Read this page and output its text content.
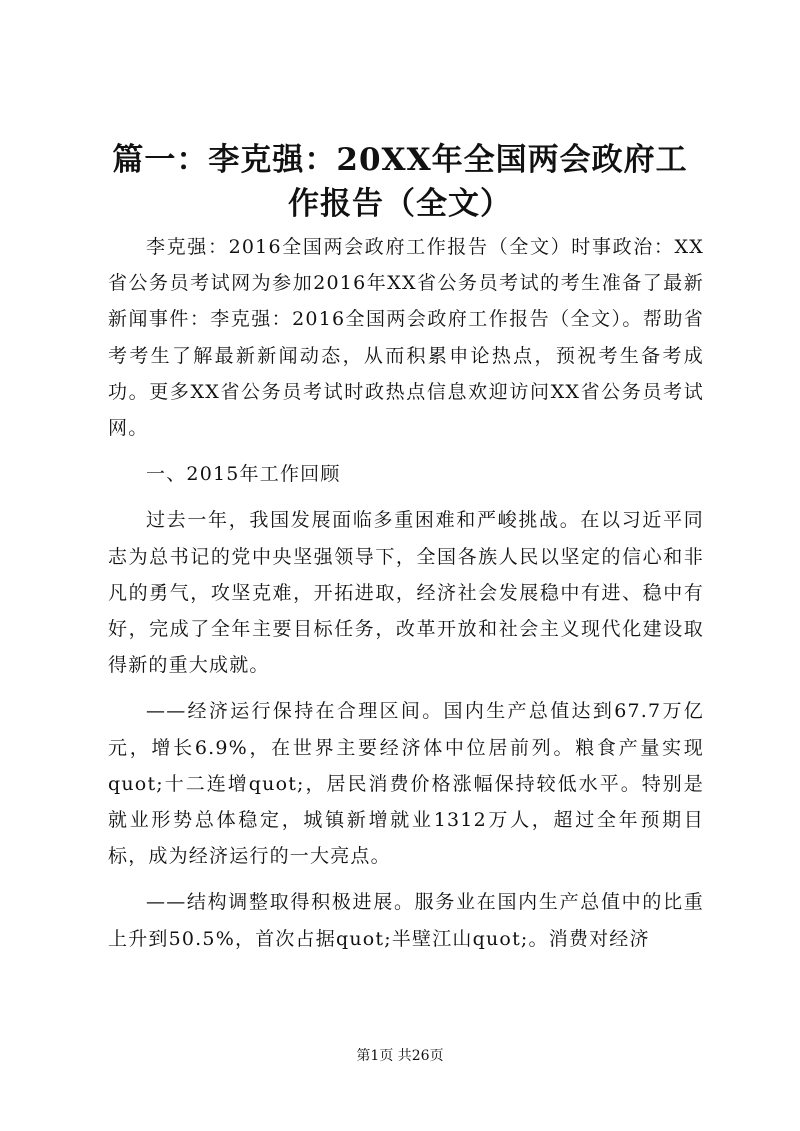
篇一：李克强：20XX年全国两会政府工作报告（全文）

李克强：2016全国两会政府工作报告（全文）时事政治：XX省公务员考试网为参加2016年XX省公务员考试的考生准备了最新新闻事件：李克强：2016全国两会政府工作报告（全文）。帮助省考考生了解最新新闻动态，从而积累申论热点，预祝考生备考成功。更多XX省公务员考试时政热点信息欢迎访问XX省公务员考试网。

一、2015年工作回顾

过去一年，我国发展面临多重困难和严峻挑战。在以习近平同志为总书记的党中央坚强领导下，全国各族人民以坚定的信心和非凡的勇气，攻坚克难，开拓进取，经济社会发展稳中有进、稳中有好，完成了全年主要目标任务，改革开放和社会主义现代化建设取得新的重大成就。

——经济运行保持在合理区间。国内生产总值达到67.7万亿元，增长6.9%，在世界主要经济体中位居前列。粮食产量实现quot;十二连增quot;，居民消费价格涨幅保持较低水平。特别是就业形势总体稳定，城镇新增就业1312万人，超过全年预期目标，成为经济运行的一大亮点。

——结构调整取得积极进展。服务业在国内生产总值中的比重上升到50.5%，首次占据quot;半壁江山quot;。消费对经济

第1页 共26页
